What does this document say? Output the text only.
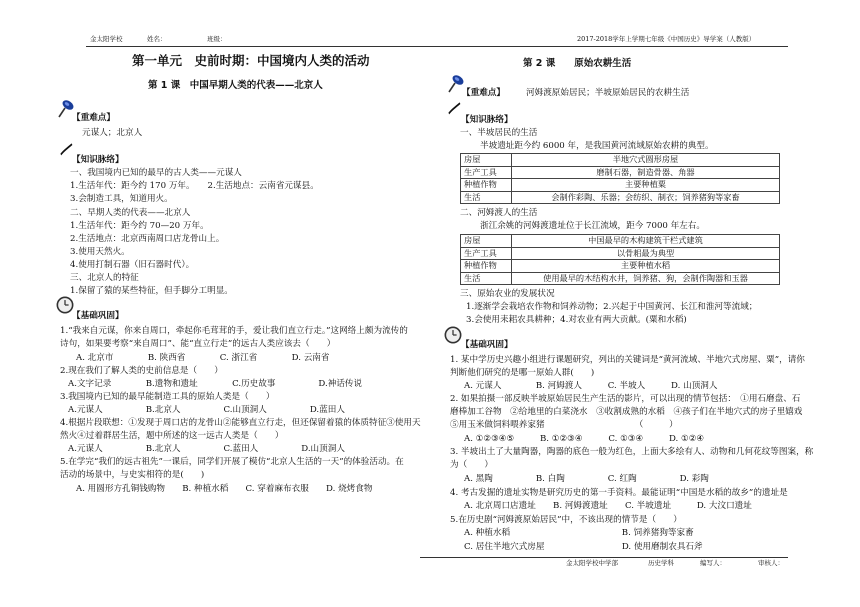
金太阳学校	姓名：	班级：	2017-2018学年上学期七年级《中国历史》导学案（人教版）
第一单元　史前时期：中国境内人类的活动
第 1 课　中国早期人类的代表——北京人
【重难点】
元谋人；北京人
【知识脉络】
一、我国境内已知的最早的古人类——元谋人
1.生活年代：距今约 170 万年。　　2.生活地点：云南省元谋县。
3.会制造工具，知道用火。
二、早期人类的代表——北京人
1.生活年代：距今约 70—20 万年。
2.生活地点：北京西南周口店龙骨山上。
3.使用天然火。
4.使用打制石器（旧石器时代）。
三、北京人的特征
1.保留了猿的某些特征，但手脚分工明显。
【基础巩固】
1.“我来自元谋，你来自周口，牵起你毛茸茸的手，爱让我们直立行走。”这网络上颇为流传的
诗句，如果要考察“来自周口”、能“直立行走”的远古人类应该去（　　）
A. 北京市　　　　B. 陕西省　　　　C. 浙江省　　　　D. 云南省
2.现在我们了解人类的史前信息是（　　）
A.文字记录　　　　B.遗物和遗址　　　　C.历史故事　　　　　D.神话传说
3.我国境内已知的最早能制造工具的原始人类是（　　）
A.元谋人　　　　　B.北京人　　　　　C.山顶洞人　　　　　D.蓝田人
4.根据片段联想：①发现于周口店的龙骨山②能够直立行走，但还保留着猿的体质特征③使用天
然火④过着群居生活，题中所述的这一远古人类是（　　）
A.元谋人　　　　　B.北京人　　　　　C.蓝田人　　　　　D.山顶洞人
5.在学完“我们的远古祖先”一课后，同学们开展了模仿“北京人生活的一天”的体验活动。在
活动的场景中，与史实相符的是(　　)
A. 用圆形方孔铜钱购物　　B. 种植水稻　　C. 穿着麻布衣服　　D. 烧烤食物
第 2 课　　原始农耕生活
【重难点】 河姆渡原始居民；半坡原始居民的农耕生活
【知识脉络】
一、半坡居民的生活
半坡遗址距今约 6000 年，是我国黄河流域原始农耕的典型。
房屋	半地穴式圆形房屋
生产工具	磨制石器，制造骨器、角器
种植作物	主要种植粟
生活	会制作彩陶、乐器；会纺织、制衣；饲养猪狗等家畜
二、河姆渡人的生活
浙江余姚的河姆渡遗址位于长江流域，距今 7000 年左右。
房屋	中国最早的木构建筑干栏式建筑
生产工具	以骨耜最为典型
种植作物	主要种植水稻
生活	使用最早的木结构水井，饲养猪、狗，会制作陶器和玉器
三、原始农业的发展状况
1.逐渐学会栽培农作物和饲养动物；2.兴起于中国黄河、长江和淮河等流域；
3.会使用耒耜农具耕种；4.对农业有两大贡献。(粟和水稻)
【基础巩固】
1. 某中学历史兴趣小组进行课题研究，列出的关键词是“黄河流域、半地穴式房屋、粟”，请你
判断他们研究的是哪一原始人群(　　)
A. 元谋人　　　　B. 河姆渡人　　　C. 半坡人　　　D. 山顶洞人
2. 如果拍摄一部反映半坡原始居民生产生活的影片，可以出现的情节包括：　①用石磨盘、石
磨棒加工谷物　②给地里的白菜浇水　③收割成熟的水稻　④孩子们在半地穴式的房子里嬉戏
⑤用玉米做饲料喂养家猪　　　　　　　　　　　（　　　）
A. ①②③④⑤　　　B. ①②③④　　　C. ①③④　　　D. ①②④
3. 半坡出土了大量陶器，陶器的底色一般为红色，上面大多绘有人、动物和几何花纹等图案，称
为（　　）
A. 黑陶　　　　　B. 白陶　　　　　C. 红陶　　　　　D. 彩陶
4. 考古发掘的遗址实物是研究历史的第一手资料。最能证明“中国是水稻的故乡”的遗址是
A. 北京周口店遗址　　B. 河姆渡遗址　　C. 半坡遗址　　　D. 大汶口遗址
5.在历史剧“河姆渡原始居民”中，不该出现的情节是（　　）
A. 种植水稻　　　　　　　　　　　　　B. 饲养猪狗等家畜
C. 居住半地穴式房屋　　　　　　　　　D. 使用磨制农具石斧
金太阳学校中学部	历史学科	编写人：	审核人：
